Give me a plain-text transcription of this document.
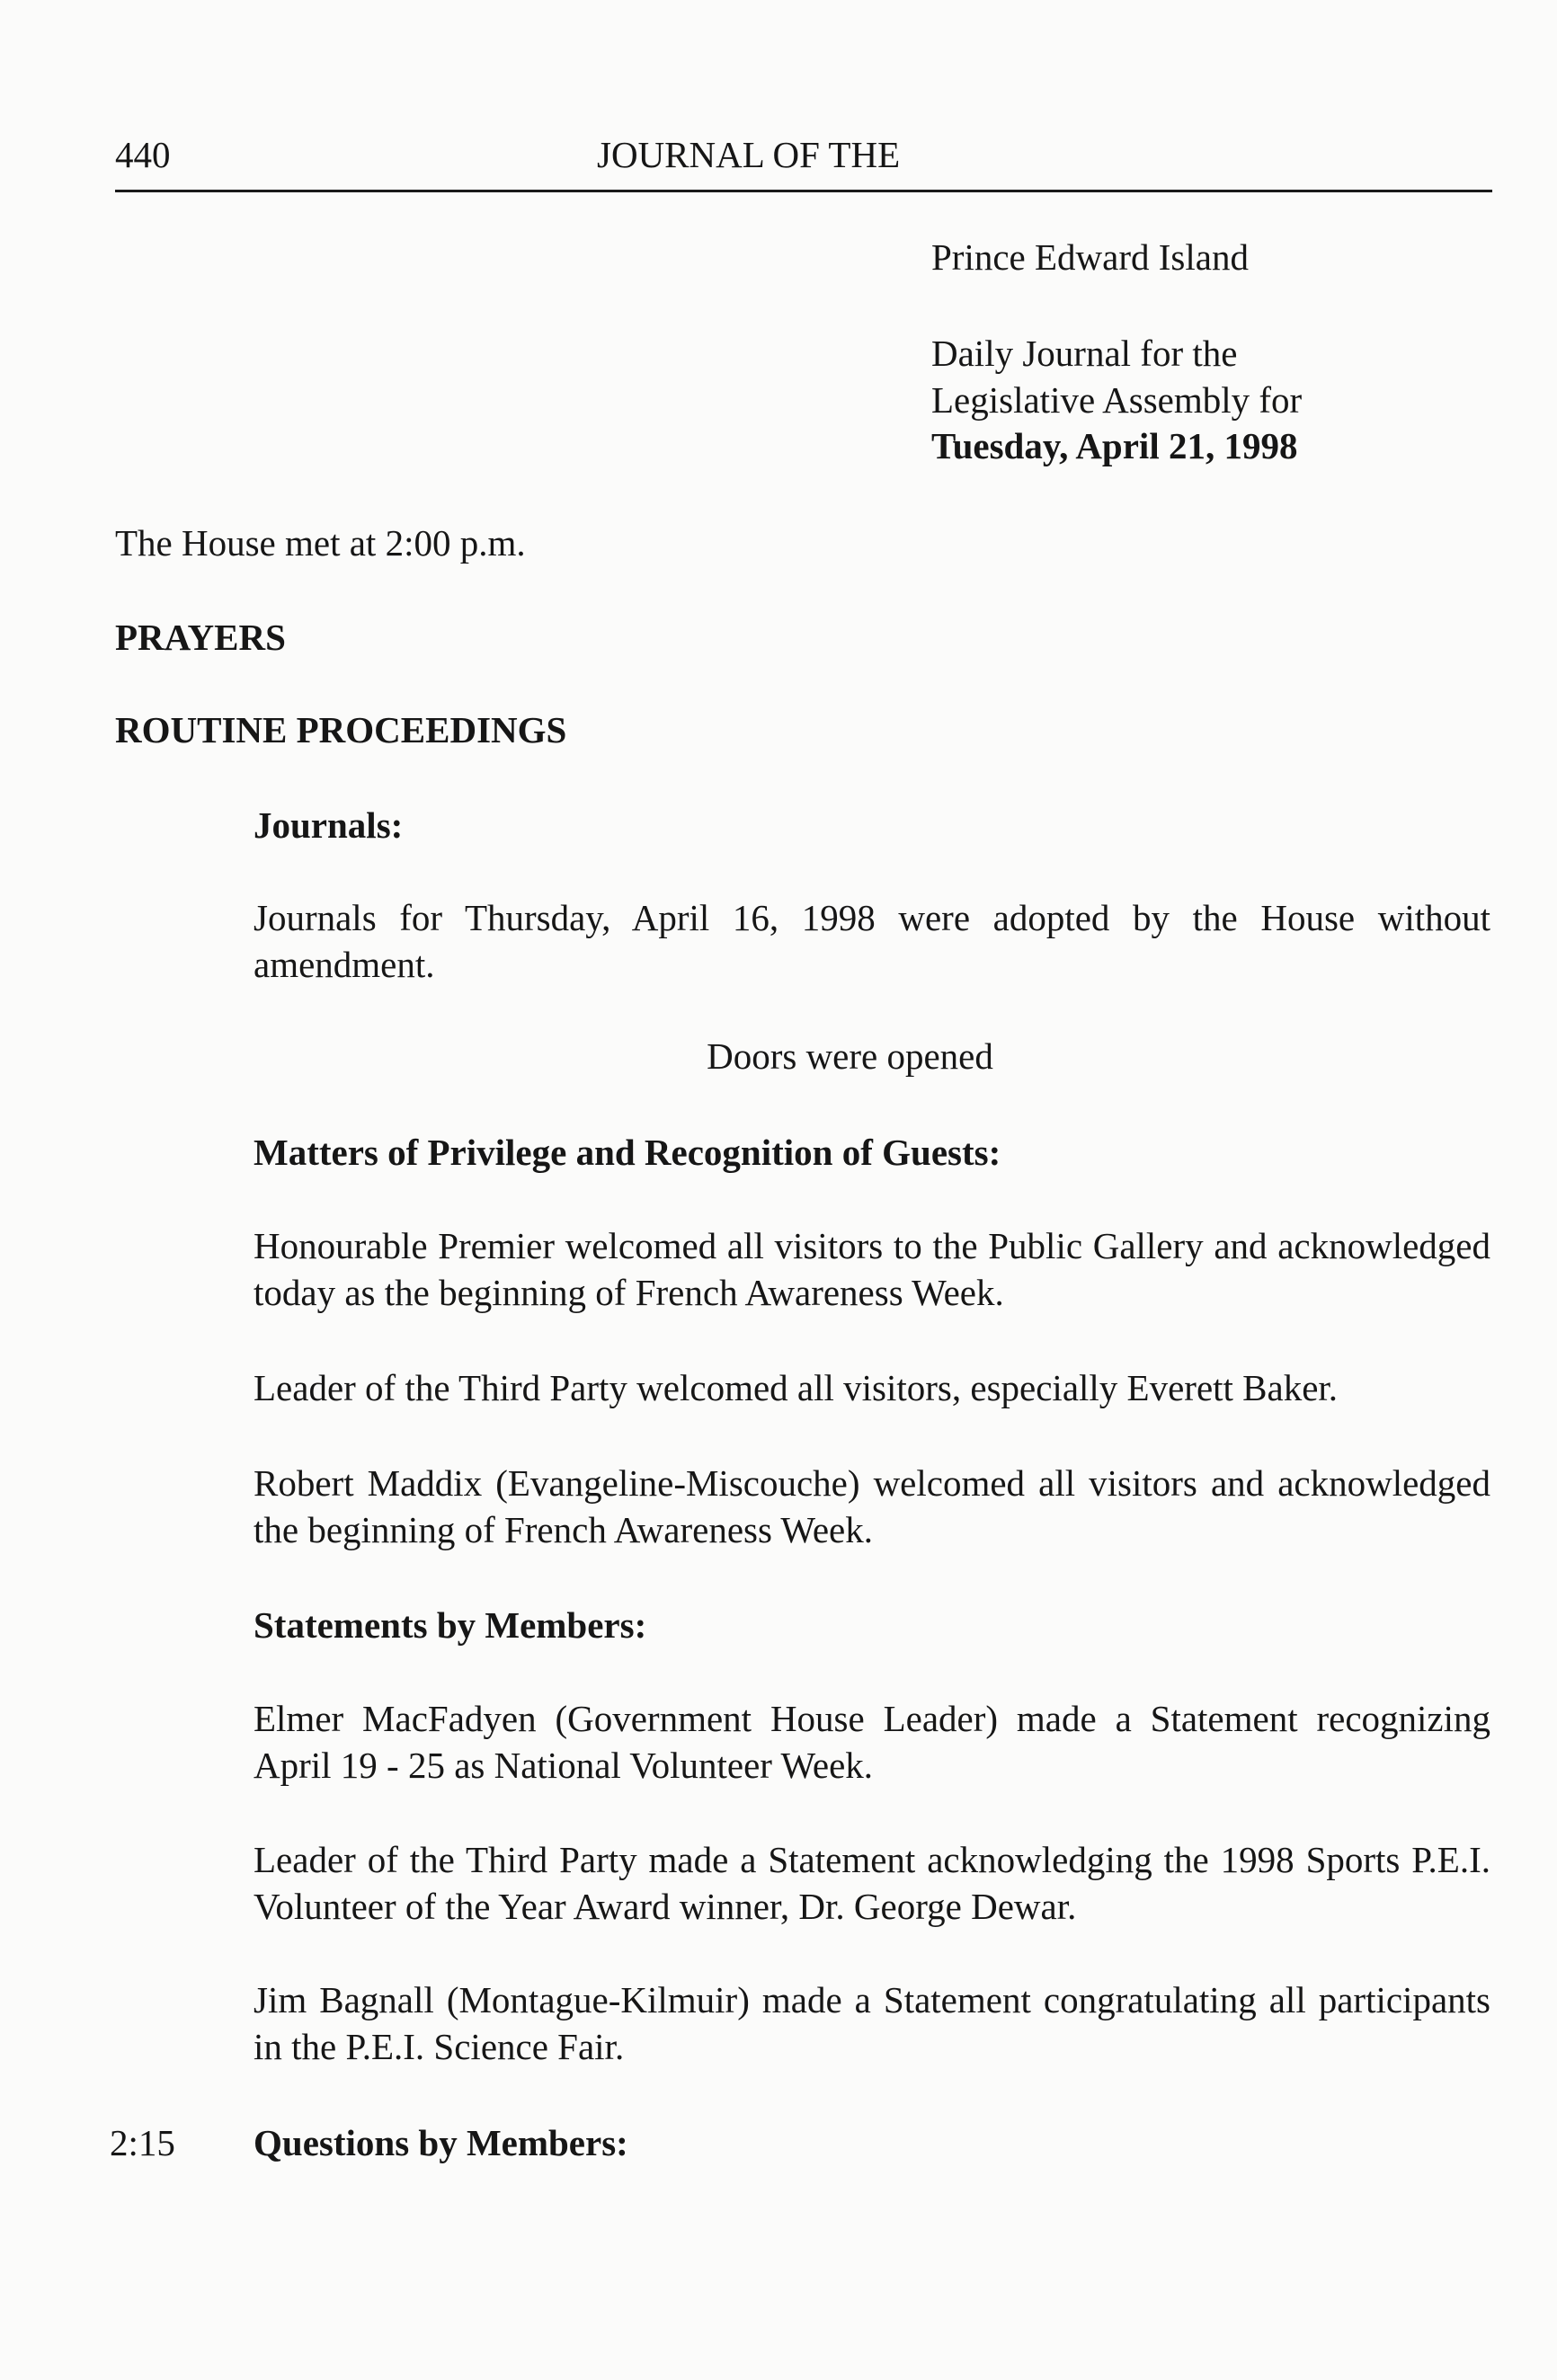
440	JOURNAL OF THE
Prince Edward Island
Daily Journal for the
Legislative Assembly for
Tuesday, April 21, 1998
The House met at 2:00 p.m.
PRAYERS
ROUTINE PROCEEDINGS
Journals:

Journals for Thursday, April 16, 1998 were adopted by the House without amendment.

Doors were opened
Matters of Privilege and Recognition of Guests:

Honourable Premier welcomed all visitors to the Public Gallery and acknowledged today as the beginning of French Awareness Week.

Leader of the Third Party welcomed all visitors, especially Everett Baker.

Robert Maddix (Evangeline-Miscouche) welcomed all visitors and acknowledged the beginning of French Awareness Week.

Statements by Members:

Elmer MacFadyen (Government House Leader) made a Statement recognizing April 19 - 25 as National Volunteer Week.

Leader of the Third Party made a Statement acknowledging the 1998 Sports P.E.I. Volunteer of the Year Award winner, Dr. George Dewar.

Jim Bagnall (Montague-Kilmuir) made a Statement congratulating all participants in the P.E.I. Science Fair.

2:15 Questions by Members:
